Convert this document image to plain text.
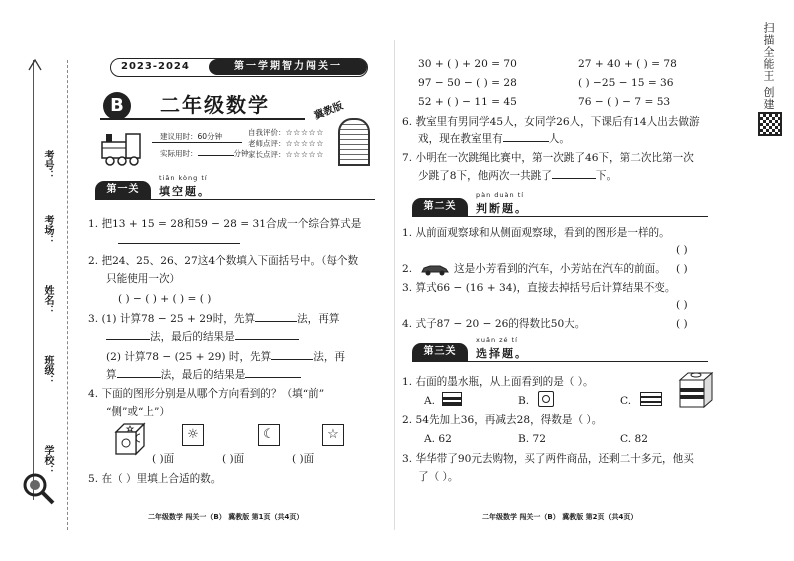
考号：
考场：
姓名：
班级：
学校：
2023-2024	第一学期智力闯关一
B	二年级数学	冀教版
建议用时：60分钟
实际用时：	分钟
自我评价：☆☆☆☆☆
老师点评：☆☆☆☆☆
家长点评：☆☆☆☆☆
第一关
tiān kòng tí
填空题。
1. 把13 + 15 = 28和59 − 28 = 31合成一个综合算式是
2. 把24、25、26、27这4个数填入下面括号中。（每个数
只能使用一次）
( ) − ( ) + ( ) = ( )
3. (1) 计算78 − 25 + 29时，先算	法，再算
法，最后的结果是
(2) 计算78 − (25 + 29) 时，先算	法，再
算	法，最后的结果是
4. 下面的图形分别是从哪个方向看到的？（填“前”
“侧”或“上”）
☼	☾	☆
( )面	( )面	( )面
5. 在（ ）里填上合适的数。
二年级数学 闯关一（B） 冀教版 第1页（共4页）
30 + ( ) + 20 = 70	27 + 40 + ( ) = 78
97 − 50 − ( ) = 28	( ) −25 − 15 = 36
52 + ( ) − 11 = 45	76 − ( ) − 7 = 53
6. 教室里有男同学45人，女同学26人，下课后有14人出去做游
戏，现在教室里有	人。
7. 小明在一次跳绳比赛中，第一次跳了46下，第二次比第一次
少跳了8下，他两次一共跳了	下。
第二关
pàn duàn tí
判断题。
1. 从前面观察球和从侧面观察球，看到的图形是一样的。
( )
2.	这是小芳看到的汽车，小芳站在汽车的前面。 ( )
3. 算式66 − (16 + 34)，直接去掉括号后计算结果不变。
( )
4. 式子87 − 20 − 26的得数比50大。	( )
第三关
xuǎn zé tí
选择题。
1. 右面的墨水瓶，从上面看到的是（ ）。
A.	B.	C.
2. 54先加上36，再减去28，得数是（ ）。
A. 62	B. 72	C. 82
3. 华华带了90元去购物，买了两件商品，还剩二十多元，他买
了（ ）。
二年级数学 闯关一（B） 冀教版 第2页（共4页）
扫描全能王 创建
